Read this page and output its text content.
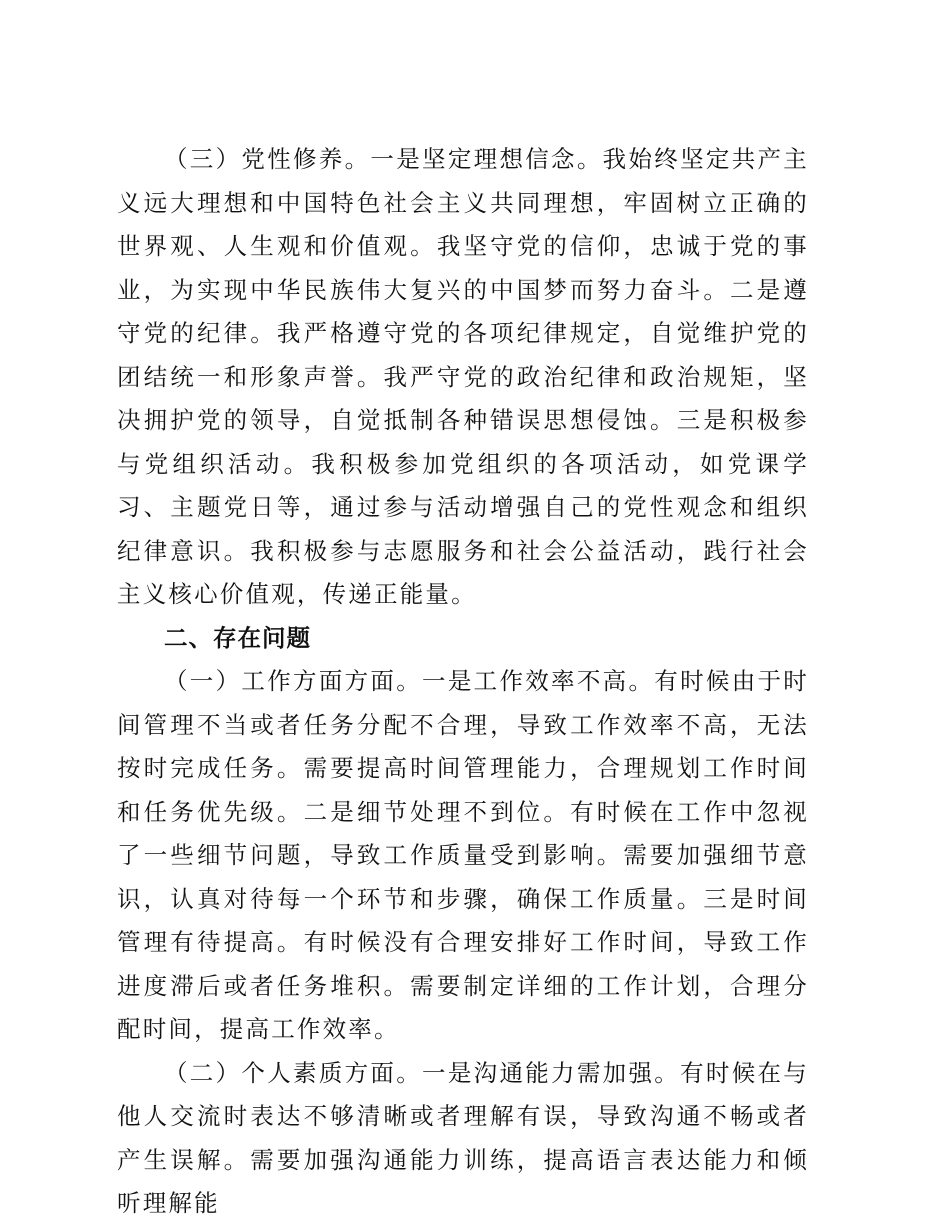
（三）党性修养。一是坚定理想信念。我始终坚定共产主义远大理想和中国特色社会主义共同理想，牢固树立正确的世界观、人生观和价值观。我坚守党的信仰，忠诚于党的事业，为实现中华民族伟大复兴的中国梦而努力奋斗。二是遵守党的纪律。我严格遵守党的各项纪律规定，自觉维护党的团结统一和形象声誉。我严守党的政治纪律和政治规矩，坚决拥护党的领导，自觉抵制各种错误思想侵蚀。三是积极参与党组织活动。我积极参加党组织的各项活动，如党课学习、主题党日等，通过参与活动增强自己的党性观念和组织纪律意识。我积极参与志愿服务和社会公益活动，践行社会主义核心价值观，传递正能量。

二、存在问题

（一）工作方面方面。一是工作效率不高。有时候由于时间管理不当或者任务分配不合理，导致工作效率不高，无法按时完成任务。需要提高时间管理能力，合理规划工作时间和任务优先级。二是细节处理不到位。有时候在工作中忽视了一些细节问题，导致工作质量受到影响。需要加强细节意识，认真对待每一个环节和步骤，确保工作质量。三是时间管理有待提高。有时候没有合理安排好工作时间，导致工作进度滞后或者任务堆积。需要制定详细的工作计划，合理分配时间，提高工作效率。

（二）个人素质方面。一是沟通能力需加强。有时候在与他人交流时表达不够清晰或者理解有误，导致沟通不畅或者产生误解。需要加强沟通能力训练，提高语言表达能力和倾听理解能
